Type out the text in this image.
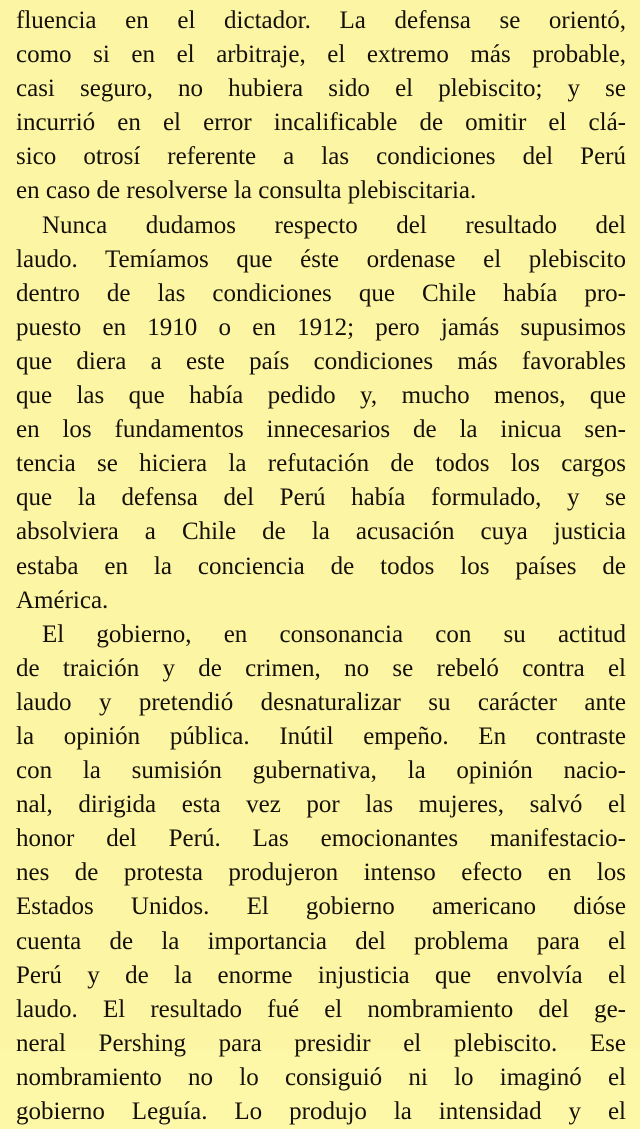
fluencia en el dictador. La defensa se orientó,
como si en el arbitraje, el extremo más probable,
casi seguro, no hubiera sido el plebiscito; y se
incurrió en el error incalificable de omitir el clá-
sico otrosí referente a las condiciones del Perú
en caso de resolverse la consulta plebiscitaria.
Nunca dudamos respecto del resultado del
laudo. Temíamos que éste ordenase el plebiscito
dentro de las condiciones que Chile había pro-
puesto en 1910 o en 1912; pero jamás supusimos
que diera a este país condiciones más favorables
que las que había pedido y, mucho menos, que
en los fundamentos innecesarios de la inicua sen-
tencia se hiciera la refutación de todos los cargos
que la defensa del Perú había formulado, y se
absolviera a Chile de la acusación cuya justicia
estaba en la conciencia de todos los países de
América.
El gobierno, en consonancia con su actitud
de traición y de crimen, no se rebeló contra el
laudo y pretendió desnaturalizar su carácter ante
la opinión pública. Inútil empeño. En contraste
con la sumisión gubernativa, la opinión nacio-
nal, dirigida esta vez por las mujeres, salvó el
honor del Perú. Las emocionantes manifestacio-
nes de protesta produjeron intenso efecto en los
Estados Unidos. El gobierno americano dióse
cuenta de la importancia del problema para el
Perú y de la enorme injusticia que envolvía el
laudo. El resultado fué el nombramiento del ge-
neral Pershing para presidir el plebiscito. Ese
nombramiento no lo consiguió ni lo imaginó el
gobierno Leguía. Lo produjo la intensidad y el
